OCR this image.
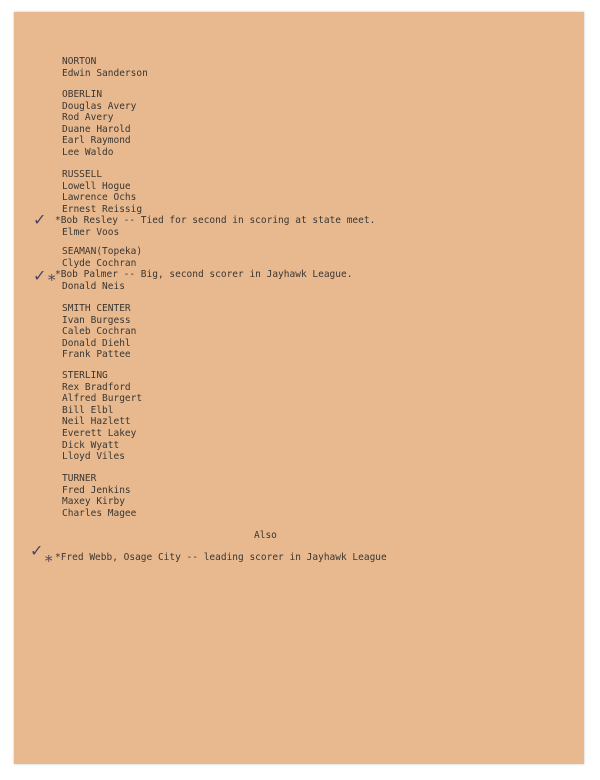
NORTON
Edwin Sanderson
OBERLIN
Douglas Avery
Rod Avery
Duane Harold
Earl Raymond
Lee Waldo
RUSSELL
Lowell Hogue
Lawrence Ochs
Ernest Reissig
*Bob Resley -- Tied for second in scoring at state meet.
Elmer Voos
SEAMAN(Topeka)
Clyde Cochran
*Bob Palmer -- Big, second scorer in Jayhawk League.
Donald Neis
SMITH CENTER
Ivan Burgess
Caleb Cochran
Donald Diehl
Frank Pattee
STERLING
Rex Bradford
Alfred Burgert
Bill Elbl
Neil Hazlett
Everett Lakey
Dick Wyatt
Lloyd Viles
TURNER
Fred Jenkins
Maxey Kirby
Charles Magee
Also
*Fred Webb, Osage City -- leading scorer in Jayhawk League
✓
✓
✓
*
*
